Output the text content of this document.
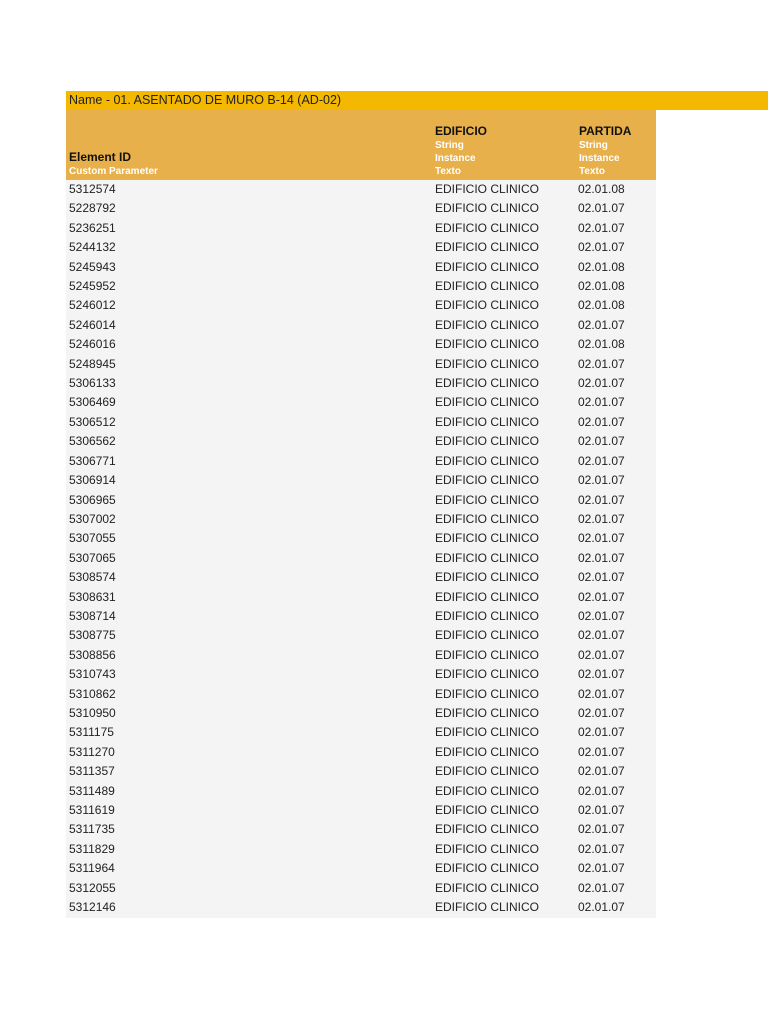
Name - 01. ASENTADO DE MURO B-14 (AD-02)
Element ID
Custom Parameter
EDIFICIO
String
Instance
Texto
PARTIDA
String
Instance
Texto
5312574	EDIFICIO CLINICO	02.01.08
5228792	EDIFICIO CLINICO	02.01.07
5236251	EDIFICIO CLINICO	02.01.07
5244132	EDIFICIO CLINICO	02.01.07
5245943	EDIFICIO CLINICO	02.01.08
5245952	EDIFICIO CLINICO	02.01.08
5246012	EDIFICIO CLINICO	02.01.08
5246014	EDIFICIO CLINICO	02.01.07
5246016	EDIFICIO CLINICO	02.01.08
5248945	EDIFICIO CLINICO	02.01.07
5306133	EDIFICIO CLINICO	02.01.07
5306469	EDIFICIO CLINICO	02.01.07
5306512	EDIFICIO CLINICO	02.01.07
5306562	EDIFICIO CLINICO	02.01.07
5306771	EDIFICIO CLINICO	02.01.07
5306914	EDIFICIO CLINICO	02.01.07
5306965	EDIFICIO CLINICO	02.01.07
5307002	EDIFICIO CLINICO	02.01.07
5307055	EDIFICIO CLINICO	02.01.07
5307065	EDIFICIO CLINICO	02.01.07
5308574	EDIFICIO CLINICO	02.01.07
5308631	EDIFICIO CLINICO	02.01.07
5308714	EDIFICIO CLINICO	02.01.07
5308775	EDIFICIO CLINICO	02.01.07
5308856	EDIFICIO CLINICO	02.01.07
5310743	EDIFICIO CLINICO	02.01.07
5310862	EDIFICIO CLINICO	02.01.07
5310950	EDIFICIO CLINICO	02.01.07
5311175	EDIFICIO CLINICO	02.01.07
5311270	EDIFICIO CLINICO	02.01.07
5311357	EDIFICIO CLINICO	02.01.07
5311489	EDIFICIO CLINICO	02.01.07
5311619	EDIFICIO CLINICO	02.01.07
5311735	EDIFICIO CLINICO	02.01.07
5311829	EDIFICIO CLINICO	02.01.07
5311964	EDIFICIO CLINICO	02.01.07
5312055	EDIFICIO CLINICO	02.01.07
5312146	EDIFICIO CLINICO	02.01.07
